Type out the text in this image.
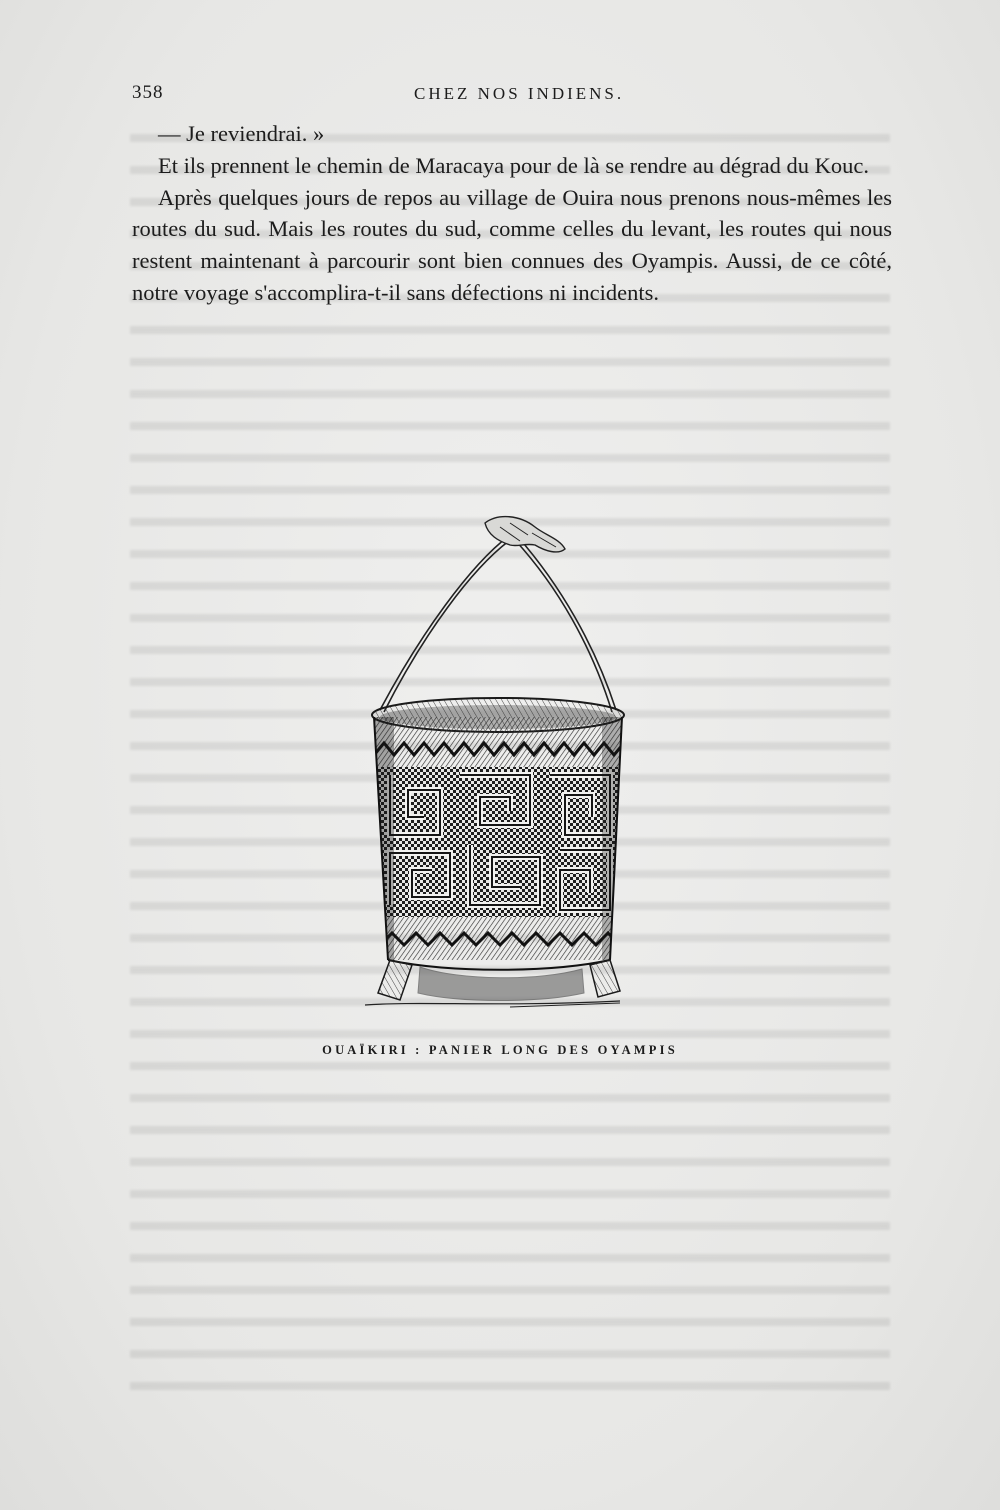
358	CHEZ NOS INDIENS.

— Je reviendrai. »

Et ils prennent le chemin de Maracaya pour de là se rendre au dégrad du Kouc.

Après quelques jours de repos au village de Ouira nous prenons nous-mêmes les routes du sud. Mais les routes du sud, comme celles du levant, les routes qui nous restent maintenant à parcourir sont bien connues des Oyampis. Aussi, de ce côté, notre voyage s'accomplira-t-il sans défections ni incidents.

OUAÏKIRI : PANIER LONG DES OYAMPIS
